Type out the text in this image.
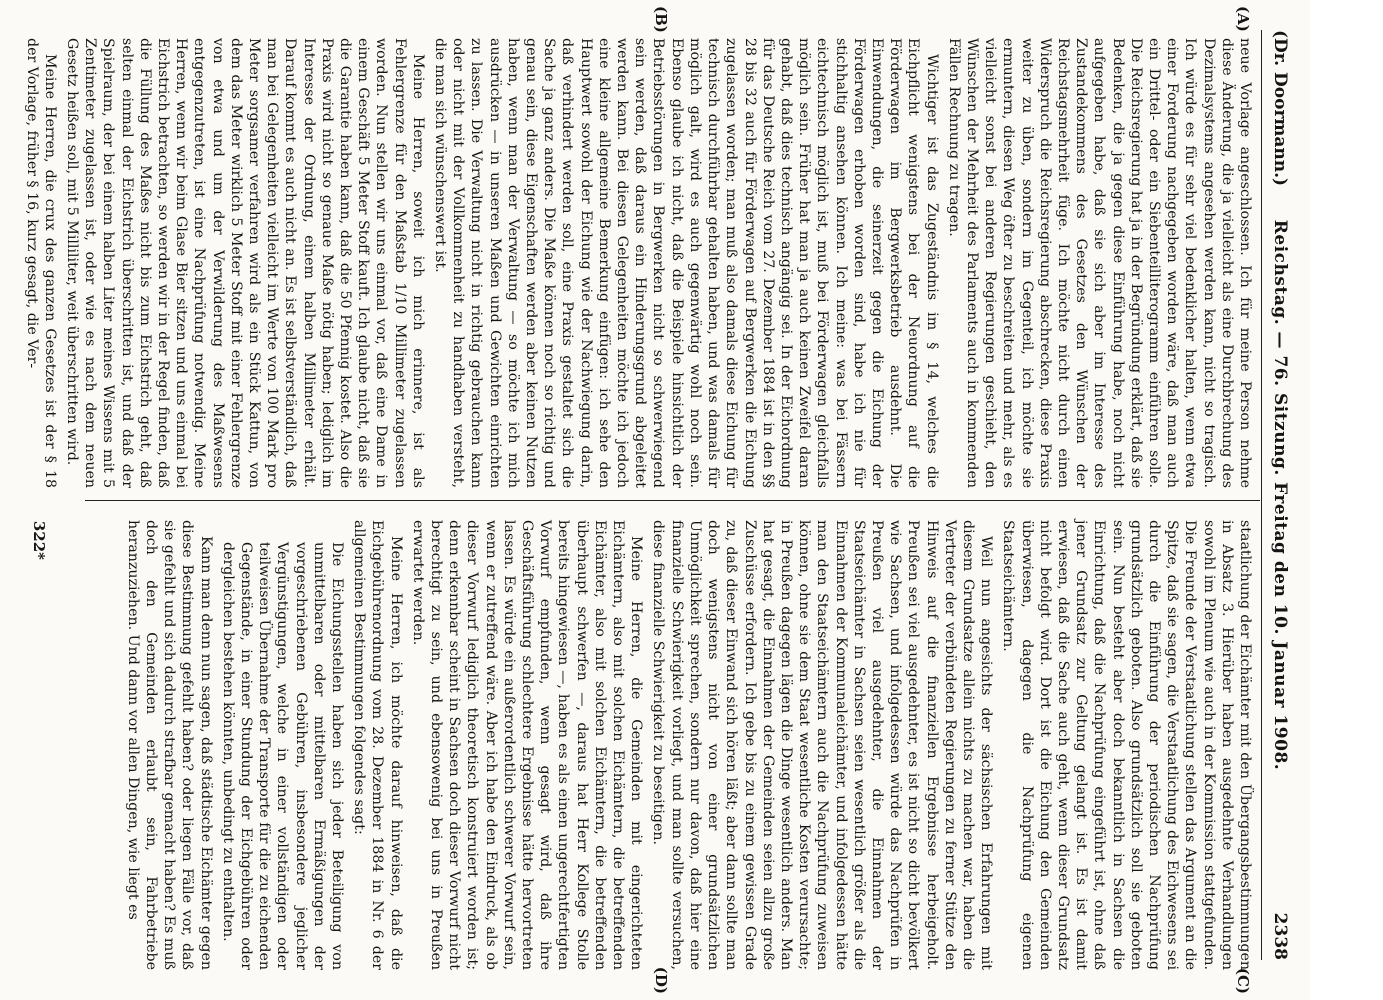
(Dr. Doormann.)
Reichstag. — 76. Sitzung. Freitag den 10. Januar 1908.
2338
(A)
(B)
(C)
(D)

neue Vorlage angeschlossen. Ich für meine Person nehme diese Änderung, die ja vielleicht als eine Durchbrechung des Dezimalsystems angesehen werden kann, nicht so tragisch. Ich würde es für sehr viel bedenklicher halten, wenn etwa einer Forderung nachgegeben worden wäre, daß man auch ein Drittel- oder ein Siebenteilliterogramm einführen solle. Die Reichsregierung hat ja in der Begründung erklärt, daß sie Bedenken, die ja gegen diese Einführung habe, noch nicht aufgegeben habe, daß sie sich aber im Interesse des Zustandekommens des Gesetzes den Wünschen der Reichstagsmehrheit füge. Ich möchte nicht durch einen Widerspruch die Reichsregierung abschrecken, diese Praxis weiter zu üben, sondern im Gegenteil, ich möchte sie ermuntern, diesen Weg öfter zu beschreiten und mehr, als es vielleicht sonst bei anderen Regierungen geschieht, den Wünschen der Mehrheit des Parlaments auch in kommenden Fällen Rechnung zu tragen.

Wichtiger ist das Zugeständnis im § 14, welches die Eichpflicht wenigstens bei der Neuordnung auf die Förderwagen im Bergwerksbetrieb ausdehnt. Die Einwendungen, die seinerzeit gegen die Eichung der Förderwagen erhoben worden sind, habe ich nie für stichhaltig ansehen können. Ich meine: was bei Fässern eichtechnisch möglich ist, muß bei Förderwagen gleichfalls möglich sein. Früher hat man ja auch keinen Zweifel daran gehabt, daß dies technisch angängig sei. In der Eichordnung für das Deutsche Reich vom 27. Dezember 1884 ist in den §§ 28 bis 32 auch für Förderwagen auf Bergwerken die Eichung zugelassen worden; man muß also damals diese Eichung für technisch durchführbar gehalten haben, und was damals für möglich galt, wird es auch gegenwärtig wohl noch sein. Ebenso glaube ich nicht, daß die Beispiele hinsichtlich der Betriebsstörungen in Bergwerken nicht so schwerwiegend sein werden, daß daraus ein Hinderungsgrund abgeleitet werden kann. Bei diesen Gelegenheiten möchte ich jedoch eine kleine allgemeine Bemerkung einfügen: ich sehe den Hauptwert sowohl der Eichung wie der Nachwiegung darin, daß verhindert werden soll, eine Praxis gestaltet sich die Sache ja ganz anders. Die Maße können noch so richtig und genau sein, diese Eigenschaften werden aber keinen Nutzen haben, wenn man der Verwaltung — so möchte ich mich ausdrücken — in unseren Maßen und Gewichten einrichten zu lassen. Die Verwaltung nicht in richtig gebrauchen kann oder nicht mit der Vollkommenheit zu handhaben versteht, die man sich wünschenswert ist.

Meine Herren, soweit ich mich erinnere, ist als Fehlergrenze für den Maßstab 1/10 Millimeter zugelassen worden. Nun stellen wir uns einmal vor, daß eine Dame in einem Geschäft 5 Meter Stoff kauft. Ich glaube nicht, daß sie die Garantie haben kann, daß die 50 Pfennig kostet. Also die Praxis wird nicht so genaue Maße nötig haben; lediglich im Interesse der Ordnung, einem halben Millimeter erhält. Darauf kommt es auch nicht an. Es ist selbstverständlich, daß man bei Gelegenheiten vielleicht im Werte von 100 Mark pro Meter sorgsamer verfahren wird als ein Stück Kattun, von dem das Meter wirklich 5 Meter Stoff mit einer Fehlergrenze von etwa und um der Verwilderung des Maßwesens entgegenzutreten, ist eine Nachprüfung notwendig. Meine Herren, wenn wir beim Glase Bier sitzen und uns einmal bei Eichstrich betrachten, so werden wir in der Regel finden, daß die Füllung des Maßes nicht bis zum Eichstrich geht, daß selten einmal der Eichstrich überschritten ist, und daß der Spielraum, der bei einem halben Liter meines Wissens mit 5 Zentimeter zugelassen ist, oder wie es nach dem neuen Gesetz heißen soll, mit 5 Milliliter, weit überschritten wird.

Meine Herren, die crux des ganzen Gesetzes ist der § 18 der Vorlage, früher § 16, kurz gesagt, die Ver-

staatlichung der Eichämter mit den Übergangsbestimmungen in Absatz 3. Hierüber haben ausgedehnte Verhandlungen sowohl im Plenum wie auch in der Kommission stattgefunden. Die Freunde der Verstaatlichung stellen das Argument an die Spitze, daß sie sagen, die Verstaatlichung des Eichwesens sei durch die Einführung der periodischen Nachprüfung grundsätzlich geboten. Also grundsätzlich soll sie geboten sein. Nun besteht aber doch bekanntlich in Sachsen die Einrichtung, daß die Nachprüfung eingeführt ist, ohne daß jener Grundsatz zur Geltung gelangt ist. Es ist damit erwiesen, daß die Sache auch geht, wenn dieser Grundsatz nicht befolgt wird. Dort ist die Eichung den Gemeinden überwiesen, dagegen die Nachprüfung eigenen Staatseichämtern.

Weil nun angesichts der sächsischen Erfahrungen mit diesem Grundsatze allein nichts zu machen war, haben die Vertreter der verbündeten Regierungen zu ferner Stütze den Hinweis auf die finanziellen Ergebnisse herbeigeholt. Preußen sei viel ausgedehnter, es ist nicht so dicht bevölkert wie Sachsen, und infolgedessen würde das Nachprüfen in Preußen viel ausgedehnter, die Einnahmen der Staatseichämter in Sachsen seien wesentlich größer als die Einnahmen der Kommunaleichämter, und infolgedessen hätte man den Staatseichämtern auch die Nachprüfung zuweisen können, ohne sie dem Staat wesentliche Kosten verursachte; in Preußen dagegen lägen die Dinge wesentlich anders. Man hat gesagt, die Einnahmen der Gemeinden seien allzu große Zuschüsse erfordern. Ich gebe bis zu einem gewissen Grade zu, daß dieser Einwand sich hören läßt; aber dann sollte man doch wenigstens nicht von einer grundsätzlichen Unmöglichkeit sprechen, sondern nur davon, daß hier eine finanzielle Schwierigkeit vorliegt, und man sollte versuchen, diese finanzielle Schwierigkeit zu beseitigen.

Meine Herren, die Gemeinden mit eingerichteten Eichämtern, also mit solchen Eichämtern, die betreffenden Eichämter, also mit solchen Eichämtern, die betreffenden überhaupt schwerfen —, daraus hat Herr Kollege Stolle bereits hingewiesen —, haben es als einen ungerechtfertigten Vorwurf empfunden, wenn gesagt wird, daß ihre Geschäftsführung schlechtere Ergebnisse hätte hervortreten lassen. Es würde ein außerordentlich schwerer Vorwurf sein, wenn er zutreffend wäre. Aber ich habe den Eindruck, als ob dieser Vorwurf lediglich theoretisch konstruiert worden ist; denn erkennbar scheint in Sachsen doch dieser Vorwurf nicht berechtigt zu sein, und ebensowenig bei uns in Preußen erwartet werden.

Meine Herren, ich möchte darauf hinweisen, daß die Eichgebührenordnung vom 28. Dezember 1884 in Nr. 6 der allgemeinen Bestimmungen folgendes sagt:

Die Eichungsstellen haben sich jeder Beteiligung von unmittelbaren oder mittelbaren Ermäßigungen der vorgeschriebenen Gebühren, insbesondere jeglicher Vergünstigungen, welche in einer vollständigen oder teilweisen Übernahme der Transporte für die zu eichenden Gegenstände, in einer Stundung der Eichgebühren oder dergleichen bestehen könnten, unbedingt zu enthalten.

Kann man denn nun sagen, daß städtische Eichämter gegen diese Bestimmung gefehlt haben? oder liegen Fälle vor, daß sie gefehlt und sich dadurch strafbar gemacht haben? Es muß doch den Gemeinden erlaubt sein, Fahrbetriebe heranzuziehen. Und dann vor allen Dingen, wie liegt es

322*
